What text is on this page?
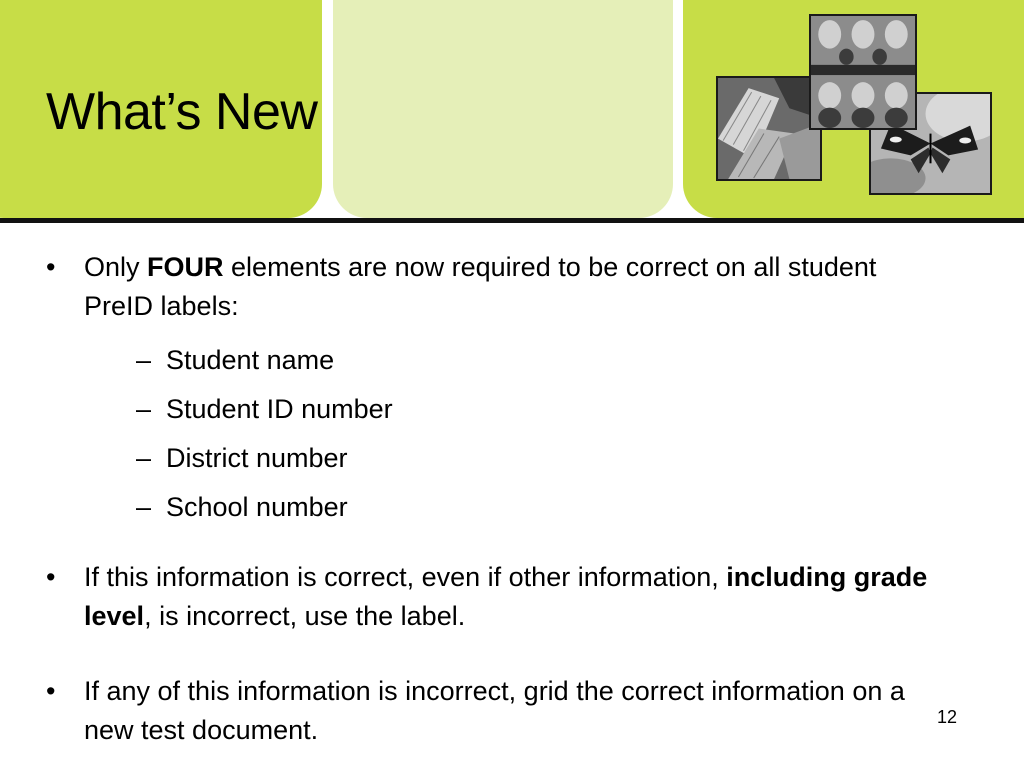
What’s New
• Only FOUR elements are now required to be correct on all student PreID labels:
– Student name
– Student ID number
– District number
– School number
• If this information is correct, even if other information, including grade level, is incorrect, use the label.
• If any of this information is incorrect, grid the correct information on a new test document.	12
